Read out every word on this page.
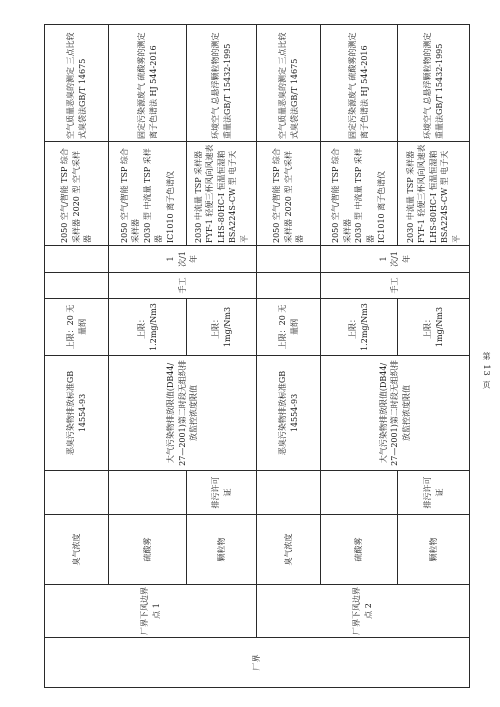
厂界	厂界下风边界点 1	臭气浓度		恶臭污染物排放标准GB 14554-93	上限：20 无量纲			2050 空气/智能 TSP 综合采样器 2020 型 空气采样器	空气质量恶臭的测定 三点比较式臭袋法GB/T 14675
		硫酸雾		大气污染物排放限值(DB44/ 27—2001)第二时段无组织排放监控浓度限值	上限：1.2mg/Nm3	手工	1 次/1 年	2050 空气/智能 TSP 综合采样器
2030 型 中流量 TSP 采样器
IC1010 离子色谱仪	固定污染源废气 硫酸雾的测定离子色谱法 HJ 544-2016
		颗粒物	排污许可证		上限：1mg/Nm3			2030 中流量 TSP 采样器
FYF-1 轻便三杯风向风速表
LHS-80HC-I 恒温恒湿箱
BSA224S-CW 型 电子天平	环境空气 总悬浮颗粒物的测定 重量法GB/T 15432-1995
	厂界下风边界点 2	臭气浓度		恶臭污染物排放标准GB 14554-93	上限：20 无量纲			2050 空气/智能 TSP 综合采样器 2020 型 空气采样器	空气质量恶臭的测定 三点比较式臭袋法GB/T 14675
		硫酸雾		大气污染物排放限值(DB44/ 27—2001)第二时段无组织排放监控浓度限值	上限：1.2mg/Nm3	手工	1 次/1 年	2050 空气/智能 TSP 综合采样器
2030 型 中流量 TSP 采样器
IC1010 离子色谱仪	固定污染源废气 硫酸雾的测定离子色谱法 HJ 544-2016
		颗粒物	排污许可证		上限：1mg/Nm3			2030 中流量 TSP 采样器
FYF-1 轻便三杯风向风速表
LHS-80HC-I 恒温恒湿箱
BSA224S-CW 型 电子天平	环境空气 总悬浮颗粒物的测定 重量法GB/T 15432-1995
第 13 页
